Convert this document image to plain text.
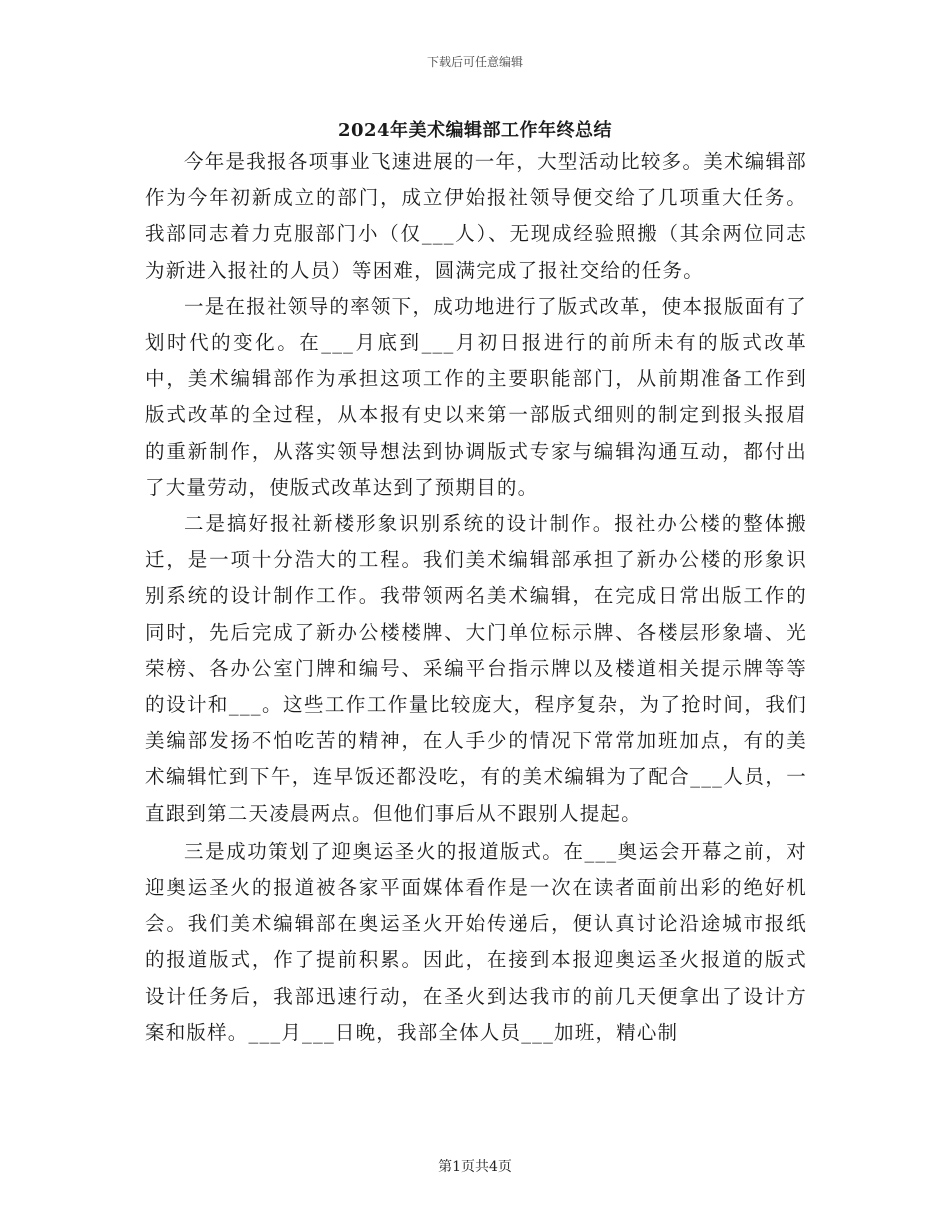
下载后可任意编辑
2024年美术编辑部工作年终总结

今年是我报各项事业飞速进展的一年，大型活动比较多。美术编辑部作为今年初新成立的部门，成立伊始报社领导便交给了几项重大任务。我部同志着力克服部门小（仅___人）、无现成经验照搬（其余两位同志为新进入报社的人员）等困难，圆满完成了报社交给的任务。

一是在报社领导的率领下，成功地进行了版式改革，使本报版面有了划时代的变化。在___月底到___月初日报进行的前所未有的版式改革中，美术编辑部作为承担这项工作的主要职能部门，从前期准备工作到版式改革的全过程，从本报有史以来第一部版式细则的制定到报头报眉的重新制作，从落实领导想法到协调版式专家与编辑沟通互动，都付出了大量劳动，使版式改革达到了预期目的。

二是搞好报社新楼形象识别系统的设计制作。报社办公楼的整体搬迁，是一项十分浩大的工程。我们美术编辑部承担了新办公楼的形象识别系统的设计制作工作。我带领两名美术编辑，在完成日常出版工作的同时，先后完成了新办公楼楼牌、大门单位标示牌、各楼层形象墙、光荣榜、各办公室门牌和编号、采编平台指示牌以及楼道相关提示牌等等的设计和___。这些工作工作量比较庞大，程序复杂，为了抢时间，我们美编部发扬不怕吃苦的精神，在人手少的情况下常常加班加点，有的美术编辑忙到下午，连早饭还都没吃，有的美术编辑为了配合___人员，一直跟到第二天凌晨两点。但他们事后从不跟别人提起。

三是成功策划了迎奥运圣火的报道版式。在___奥运会开幕之前，对迎奥运圣火的报道被各家平面媒体看作是一次在读者面前出彩的绝好机会。我们美术编辑部在奥运圣火开始传递后，便认真讨论沿途城市报纸的报道版式，作了提前积累。因此，在接到本报迎奥运圣火报道的版式设计任务后，我部迅速行动，在圣火到达我市的前几天便拿出了设计方案和版样。___月___日晚，我部全体人员___加班，精心制

第1页共4页
